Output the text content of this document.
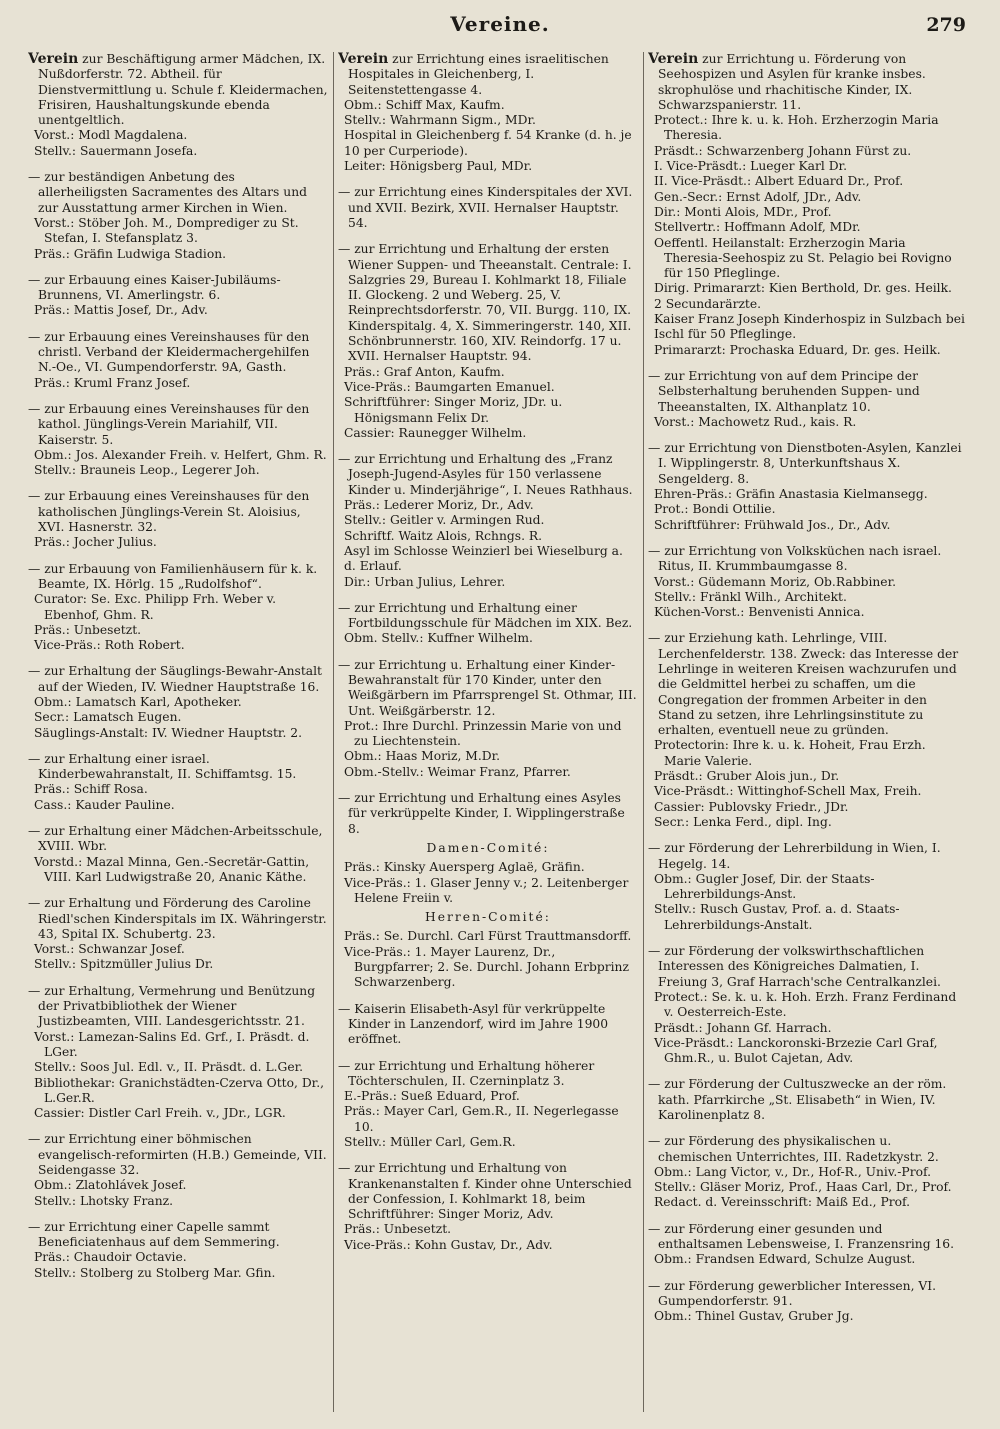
Vereine.	279

Verein zur Beschäftigung armer Mädchen, IX. Nußdorferstr. 72. Abtheil. für Dienstvermittlung u. Schule f. Kleidermachen, Frisiren, Haushaltungskunde ebenda unentgeltlich.

Vorst.: Modl Magdalena.

Stellv.: Sauermann Josefa.

— zur beständigen Anbetung des allerheiligsten Sacramentes des Altars und zur Ausstattung armer Kirchen in Wien.

Vorst.: Stöber Joh. M., Domprediger zu St. Stefan, I. Stefansplatz 3.

Präs.: Gräfin Ludwiga Stadion.

— zur Erbauung eines Kaiser-Jubiläums-Brunnens, VI. Amerlingstr. 6.

Präs.: Mattis Josef, Dr., Adv.

— zur Erbauung eines Vereinshauses für den christl. Verband der Kleidermachergehilfen N.-Oe., VI. Gumpendorferstr. 9A, Gasth.

Präs.: Kruml Franz Josef.

— zur Erbauung eines Vereinshauses für den kathol. Jünglings-Verein Mariahilf, VII. Kaiserstr. 5.

Obm.: Jos. Alexander Freih. v. Helfert, Ghm. R.

Stellv.: Brauneis Leop., Legerer Joh.

— zur Erbauung eines Vereinshauses für den katholischen Jünglings-Verein St. Aloisius, XVI. Hasnerstr. 32.

Präs.: Jocher Julius.

— zur Erbauung von Familienhäusern für k. k. Beamte, IX. Hörlg. 15 „Rudolfshof“.

Curator: Se. Exc. Philipp Frh. Weber v. Ebenhof, Ghm. R.

Präs.: Unbesetzt.

Vice-Präs.: Roth Robert.

— zur Erhaltung der Säuglings-Bewahr-Anstalt auf der Wieden, IV. Wiedner Hauptstraße 16.

Obm.: Lamatsch Karl, Apotheker.

Secr.: Lamatsch Eugen.

Säuglings-Anstalt: IV. Wiedner Hauptstr. 2.

— zur Erhaltung einer israel. Kinderbewahranstalt, II. Schiffamtsg. 15.

Präs.: Schiff Rosa.

Cass.: Kauder Pauline.

— zur Erhaltung einer Mädchen-Arbeitsschule, XVIII. Wbr.

Vorstd.: Mazal Minna, Gen.-Secretär-Gattin, VIII. Karl Ludwigstraße 20, Ananic Käthe.

— zur Erhaltung und Förderung des Caroline Riedl'schen Kinderspitals im IX. Währingerstr. 43, Spital IX. Schubertg. 23.

Vorst.: Schwanzar Josef.

Stellv.: Spitzmüller Julius Dr.

— zur Erhaltung, Vermehrung und Benützung der Privatbibliothek der Wiener Justizbeamten, VIII. Landesgerichtsstr. 21.

Vorst.: Lamezan-Salins Ed. Grf., I. Präsdt. d. LGer.

Stellv.: Soos Jul. Edl. v., II. Präsdt. d. L.Ger.

Bibliothekar: Granichstädten-Czerva Otto, Dr., L.Ger.R.

Cassier: Distler Carl Freih. v., JDr., LGR.

— zur Errichtung einer böhmischen evangelisch-reformirten (H.B.) Gemeinde, VII. Seidengasse 32.

Obm.: Zlatohlávek Josef.

Stellv.: Lhotsky Franz.

— zur Errichtung einer Capelle sammt Beneficiatenhaus auf dem Semmering.

Präs.: Chaudoir Octavie.

Stellv.: Stolberg zu Stolberg Mar. Gfin.

Verein zur Errichtung eines israelitischen Hospitales in Gleichenberg, I. Seitenstettengasse 4.

Obm.: Schiff Max, Kaufm.

Stellv.: Wahrmann Sigm., MDr.

Hospital in Gleichenberg f. 54 Kranke (d. h. je 10 per Curperiode).

Leiter: Hönigsberg Paul, MDr.

— zur Errichtung eines Kinderspitales der XVI. und XVII. Bezirk, XVII. Hernalser Hauptstr. 54.

— zur Errichtung und Erhaltung der ersten Wiener Suppen- und Theeanstalt. Centrale: I. Salzgries 29, Bureau I. Kohlmarkt 18, Filiale II. Glockeng. 2 und Weberg. 25, V. Reinprechtsdorferstr. 70, VII. Burgg. 110, IX. Kinderspitalg. 4, X. Simmeringerstr. 140, XII. Schönbrunnerstr. 160, XIV. Reindorfg. 17 u. XVII. Hernalser Hauptstr. 94.

Präs.: Graf Anton, Kaufm.

Vice-Präs.: Baumgarten Emanuel.

Schriftführer: Singer Moriz, JDr. u. Hönigsmann Felix Dr.

Cassier: Raunegger Wilhelm.

— zur Errichtung und Erhaltung des „Franz Joseph-Jugend-Asyles für 150 verlassene Kinder u. Minderjährige“, I. Neues Rathhaus.

Präs.: Lederer Moriz, Dr., Adv.

Stellv.: Geitler v. Armingen Rud.

Schriftf. Waitz Alois, Rchngs. R.

Asyl im Schlosse Weinzierl bei Wieselburg a. d. Erlauf.

Dir.: Urban Julius, Lehrer.

— zur Errichtung und Erhaltung einer Fortbildungsschule für Mädchen im XIX. Bez.

Obm. Stellv.: Kuffner Wilhelm.

— zur Errichtung u. Erhaltung einer Kinder-Bewahranstalt für 170 Kinder, unter den Weißgärbern im Pfarrsprengel St. Othmar, III. Unt. Weißgärberstr. 12.

Prot.: Ihre Durchl. Prinzessin Marie von und zu Liechtenstein.

Obm.: Haas Moriz, M.Dr.

Obm.-Stellv.: Weimar Franz, Pfarrer.

— zur Errichtung und Erhaltung eines Asyles für verkrüppelte Kinder, I. Wipplingerstraße 8.

Damen-Comité:

Präs.: Kinsky Auersperg Aglaë, Gräfin.

Vice-Präs.: 1. Glaser Jenny v.; 2. Leitenberger Helene Freiin v.

Herren-Comité:

Präs.: Se. Durchl. Carl Fürst Trauttmansdorff.

Vice-Präs.: 1. Mayer Laurenz, Dr., Burgpfarrer; 2. Se. Durchl. Johann Erbprinz Schwarzenberg.

— Kaiserin Elisabeth-Asyl für verkrüppelte Kinder in Lanzendorf, wird im Jahre 1900 eröffnet.

— zur Errichtung und Erhaltung höherer Töchterschulen, II. Czerninplatz 3.

E.-Präs.: Sueß Eduard, Prof.

Präs.: Mayer Carl, Gem.R., II. Negerlegasse 10.

Stellv.: Müller Carl, Gem.R.

— zur Errichtung und Erhaltung von Krankenanstalten f. Kinder ohne Unterschied der Confession, I. Kohlmarkt 18, beim Schriftführer: Singer Moriz, Adv.

Präs.: Unbesetzt.

Vice-Präs.: Kohn Gustav, Dr., Adv.

Verein zur Errichtung u. Förderung von Seehospizen und Asylen für kranke insbes. skrophulöse und rhachitische Kinder, IX. Schwarzspanierstr. 11.

Protect.: Ihre k. u. k. Hoh. Erzherzogin Maria Theresia.

Präsdt.: Schwarzenberg Johann Fürst zu.

I. Vice-Präsdt.: Lueger Karl Dr.

II. Vice-Präsdt.: Albert Eduard Dr., Prof.

Gen.-Secr.: Ernst Adolf, JDr., Adv.

Dir.: Monti Alois, MDr., Prof.

Stellvertr.: Hoffmann Adolf, MDr.

Oeffentl. Heilanstalt: Erzherzogin Maria Theresia-Seehospiz zu St. Pelagio bei Rovigno für 150 Pfleglinge.

Dirig. Primararzt: Kien Berthold, Dr. ges. Heilk.

2 Secundarärzte.

Kaiser Franz Joseph Kinderhospiz in Sulzbach bei Ischl für 50 Pfleglinge.

Primararzt: Prochaska Eduard, Dr. ges. Heilk.

— zur Errichtung von auf dem Principe der Selbsterhaltung beruhenden Suppen- und Theeanstalten, IX. Althanplatz 10.

Vorst.: Machowetz Rud., kais. R.

— zur Errichtung von Dienstboten-Asylen, Kanzlei I. Wipplingerstr. 8, Unterkunftshaus X. Sengelderg. 8.

Ehren-Präs.: Gräfin Anastasia Kielmansegg.

Prot.: Bondi Ottilie.

Schriftführer: Frühwald Jos., Dr., Adv.

— zur Errichtung von Volksküchen nach israel. Ritus, II. Krummbaumgasse 8.

Vorst.: Güdemann Moriz, Ob.Rabbiner.

Stellv.: Fränkl Wilh., Architekt.

Küchen-Vorst.: Benvenisti Annica.

— zur Erziehung kath. Lehrlinge, VIII. Lerchenfelderstr. 138. Zweck: das Interesse der Lehrlinge in weiteren Kreisen wachzurufen und die Geldmittel herbei zu schaffen, um die Congregation der frommen Arbeiter in den Stand zu setzen, ihre Lehrlingsinstitute zu erhalten, eventuell neue zu gründen.

Protectorin: Ihre k. u. k. Hoheit, Frau Erzh. Marie Valerie.

Präsdt.: Gruber Alois jun., Dr.

Vice-Präsdt.: Wittinghof-Schell Max, Freih.

Cassier: Publovsky Friedr., JDr.

Secr.: Lenka Ferd., dipl. Ing.

— zur Förderung der Lehrerbildung in Wien, I. Hegelg. 14.

Obm.: Gugler Josef, Dir. der Staats-Lehrerbildungs-Anst.

Stellv.: Rusch Gustav, Prof. a. d. Staats-Lehrerbildungs-Anstalt.

— zur Förderung der volkswirthschaftlichen Interessen des Königreiches Dalmatien, I. Freiung 3, Graf Harrach'sche Centralkanzlei.

Protect.: Se. k. u. k. Hoh. Erzh. Franz Ferdinand v. Oesterreich-Este.

Präsdt.: Johann Gf. Harrach.

Vice-Präsdt.: Lanckoronski-Brzezie Carl Graf, Ghm.R., u. Bulot Cajetan, Adv.

— zur Förderung der Cultuszwecke an der röm. kath. Pfarrkirche „St. Elisabeth“ in Wien, IV. Karolinenplatz 8.

— zur Förderung des physikalischen u. chemischen Unterrichtes, III. Radetzkystr. 2.

Obm.: Lang Victor, v., Dr., Hof-R., Univ.-Prof.

Stellv.: Gläser Moriz, Prof., Haas Carl, Dr., Prof.

Redact. d. Vereinsschrift: Maiß Ed., Prof.

— zur Förderung einer gesunden und enthaltsamen Lebensweise, I. Franzensring 16.

Obm.: Frandsen Edward, Schulze August.

— zur Förderung gewerblicher Interessen, VI. Gumpendorferstr. 91.

Obm.: Thinel Gustav, Gruber Jg.
